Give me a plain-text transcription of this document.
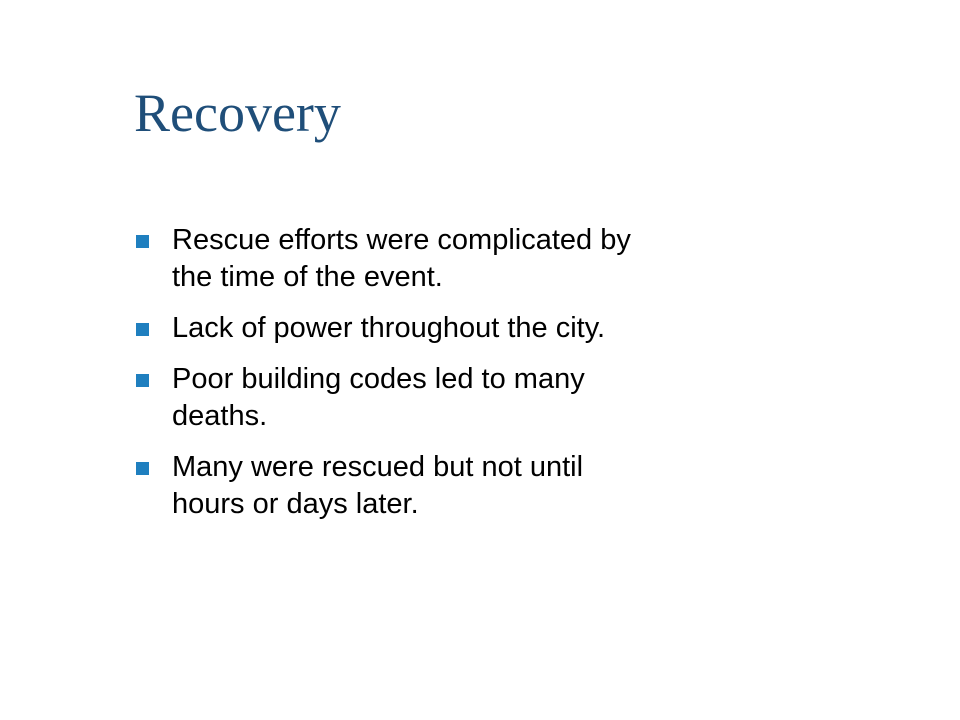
Recovery
Rescue efforts were complicated by
the time of the event.
Lack of power throughout the city.
Poor building codes led to many
deaths.
Many were rescued but not until
hours or days later.
